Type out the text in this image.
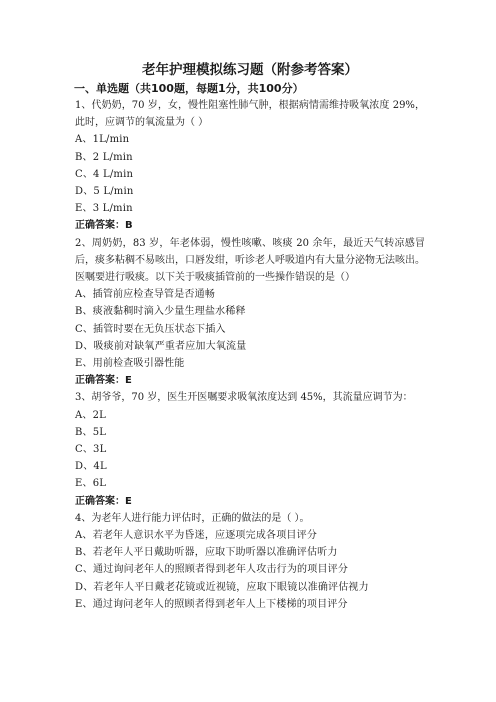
老年护理模拟练习题（附参考答案）
一、单选题（共100题，每题1分，共100分）
1、代奶奶，70 岁，女，慢性阻塞性肺气肿，根据病情需维持吸氧浓度 29%，此时，应调节的氧流量为（ ）
A、1L/min
B、2 L/min
C、4 L/min
D、5 L/min
E、3 L/min
正确答案：B
2、周奶奶，83 岁，年老体弱，慢性咳嗽、咳痰 20 余年，最近天气转凉感冒后，痰多粘稠不易咳出，口唇发绀，听诊老人呼吸道内有大量分泌物无法咳出。医嘱要进行吸痰。以下关于吸痰插管前的一些操作错误的是（）
A、插管前应检查导管是否通畅
B、痰液黏稠时滴入少量生理盐水稀释
C、插管时要在无负压状态下插入
D、吸痰前对缺氧严重者应加大氧流量
E、用前检查吸引器性能
正确答案：E
3、胡爷爷，70 岁，医生开医嘱要求吸氧浓度达到 45%，其流量应调节为：
A、2L
B、5L
C、3L
D、4L
E、6L
正确答案：E
4、为老年人进行能力评估时，正确的做法的是（ ）。
A、若老年人意识水平为昏迷，应逐项完成各项目评分
B、若老年人平日戴助听器，应取下助听器以准确评估听力
C、通过询问老年人的照顾者得到老年人攻击行为的项目评分
D、若老年人平日戴老花镜或近视镜，应取下眼镜以准确评估视力
E、通过询问老年人的照顾者得到老年人上下楼梯的项目评分
